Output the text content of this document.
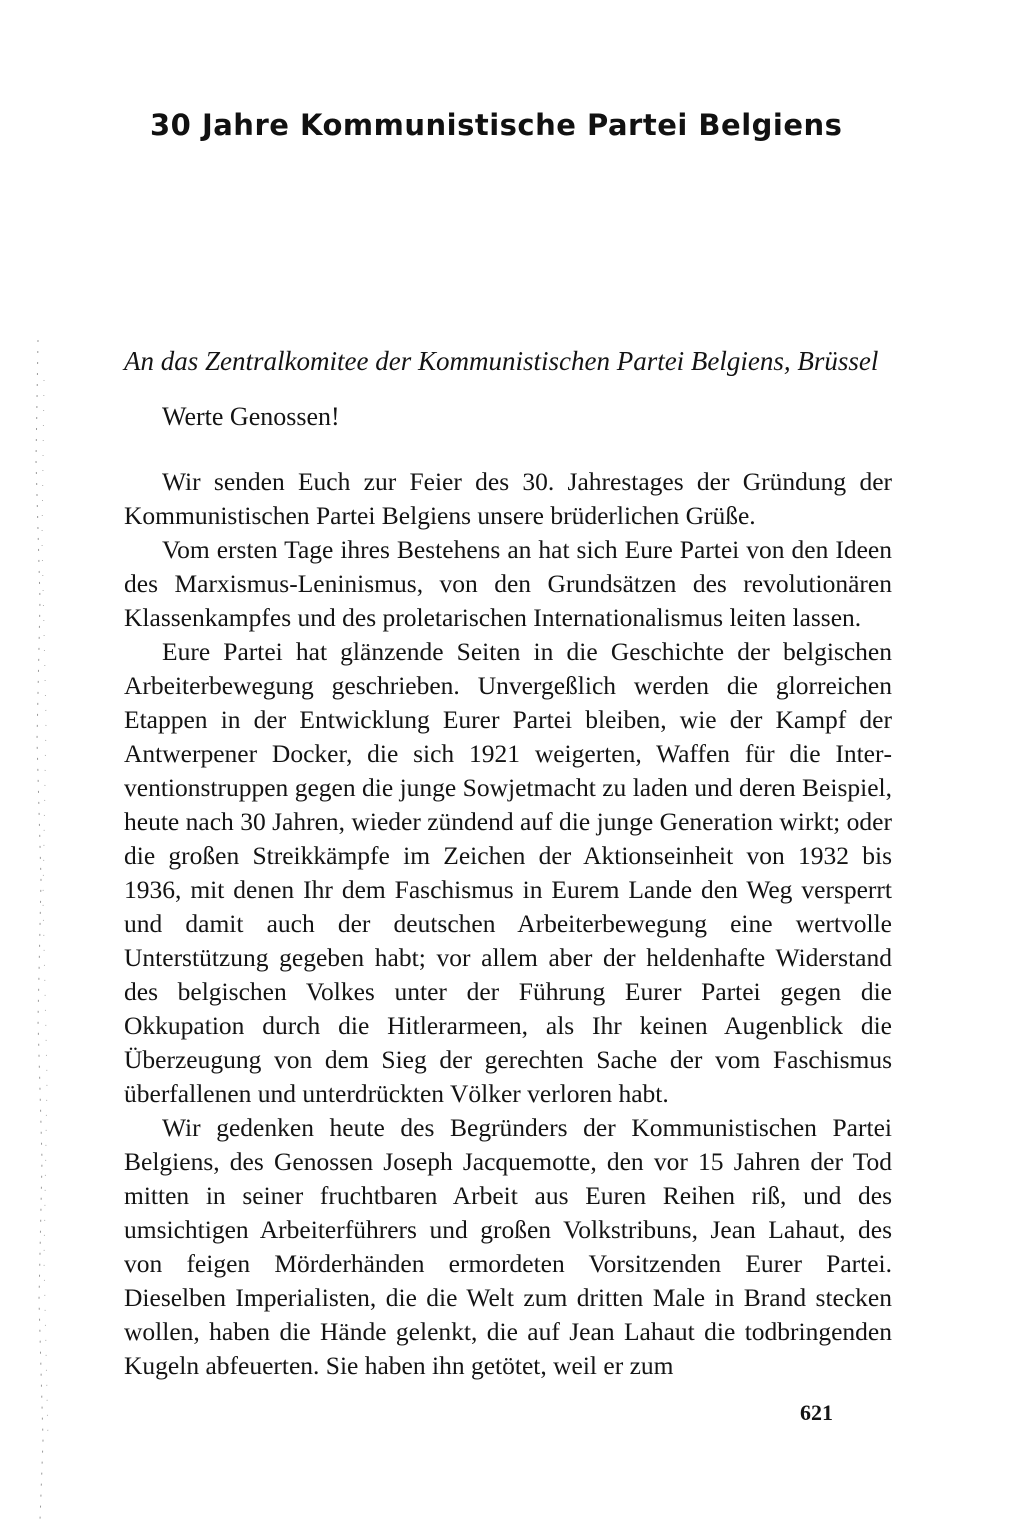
30 Jahre Kommunistische Partei Belgiens

An das Zentralkomitee der Kommunistischen Partei Belgiens, Brüssel

Werte Genossen!

Wir senden Euch zur Feier des 30. Jahrestages der Gründung der Kommunistischen Partei Belgiens unsere brüderlichen Grüße.

Vom ersten Tage ihres Bestehens an hat sich Eure Partei von den Ideen des Marxismus-Leninismus, von den Grundsätzen des revolutionären Klassenkampfes und des proletarischen Internationalismus leiten lassen.

Eure Partei hat glänzende Seiten in die Geschichte der belgischen Arbeiterbewegung geschrieben. Unvergeßlich werden die glorreichen Etappen in der Entwicklung Eurer Partei bleiben, wie der Kampf der Antwerpener Docker, die sich 1921 weigerten, Waffen für die Interventionstruppen gegen die junge Sowjetmacht zu laden und deren Beispiel, heute nach 30 Jahren, wieder zündend auf die junge Generation wirkt; oder die großen Streikkämpfe im Zeichen der Aktionseinheit von 1932 bis 1936, mit denen Ihr dem Faschismus in Eurem Lande den Weg versperrt und damit auch der deutschen Arbeiterbewegung eine wertvolle Unterstützung gegeben habt; vor allem aber der heldenhafte Widerstand des belgischen Volkes unter der Führung Eurer Partei gegen die Okkupation durch die Hitlerarmeen, als Ihr keinen Augenblick die Überzeugung von dem Sieg der gerechten Sache der vom Faschismus überfallenen und unterdrückten Völker verloren habt.

Wir gedenken heute des Begründers der Kommunistischen Partei Belgiens, des Genossen Joseph Jacquemotte, den vor 15 Jahren der Tod mitten in seiner fruchtbaren Arbeit aus Euren Reihen riß, und des umsichtigen Arbeiterführers und großen Volkstribuns, Jean Lahaut, des von feigen Mörderhänden ermordeten Vorsitzenden Eurer Partei. Dieselben Imperialisten, die die Welt zum dritten Male in Brand stecken wollen, haben die Hände gelenkt, die auf Jean Lahaut die todbringenden Kugeln abfeuerten. Sie haben ihn getötet, weil er zum

621
